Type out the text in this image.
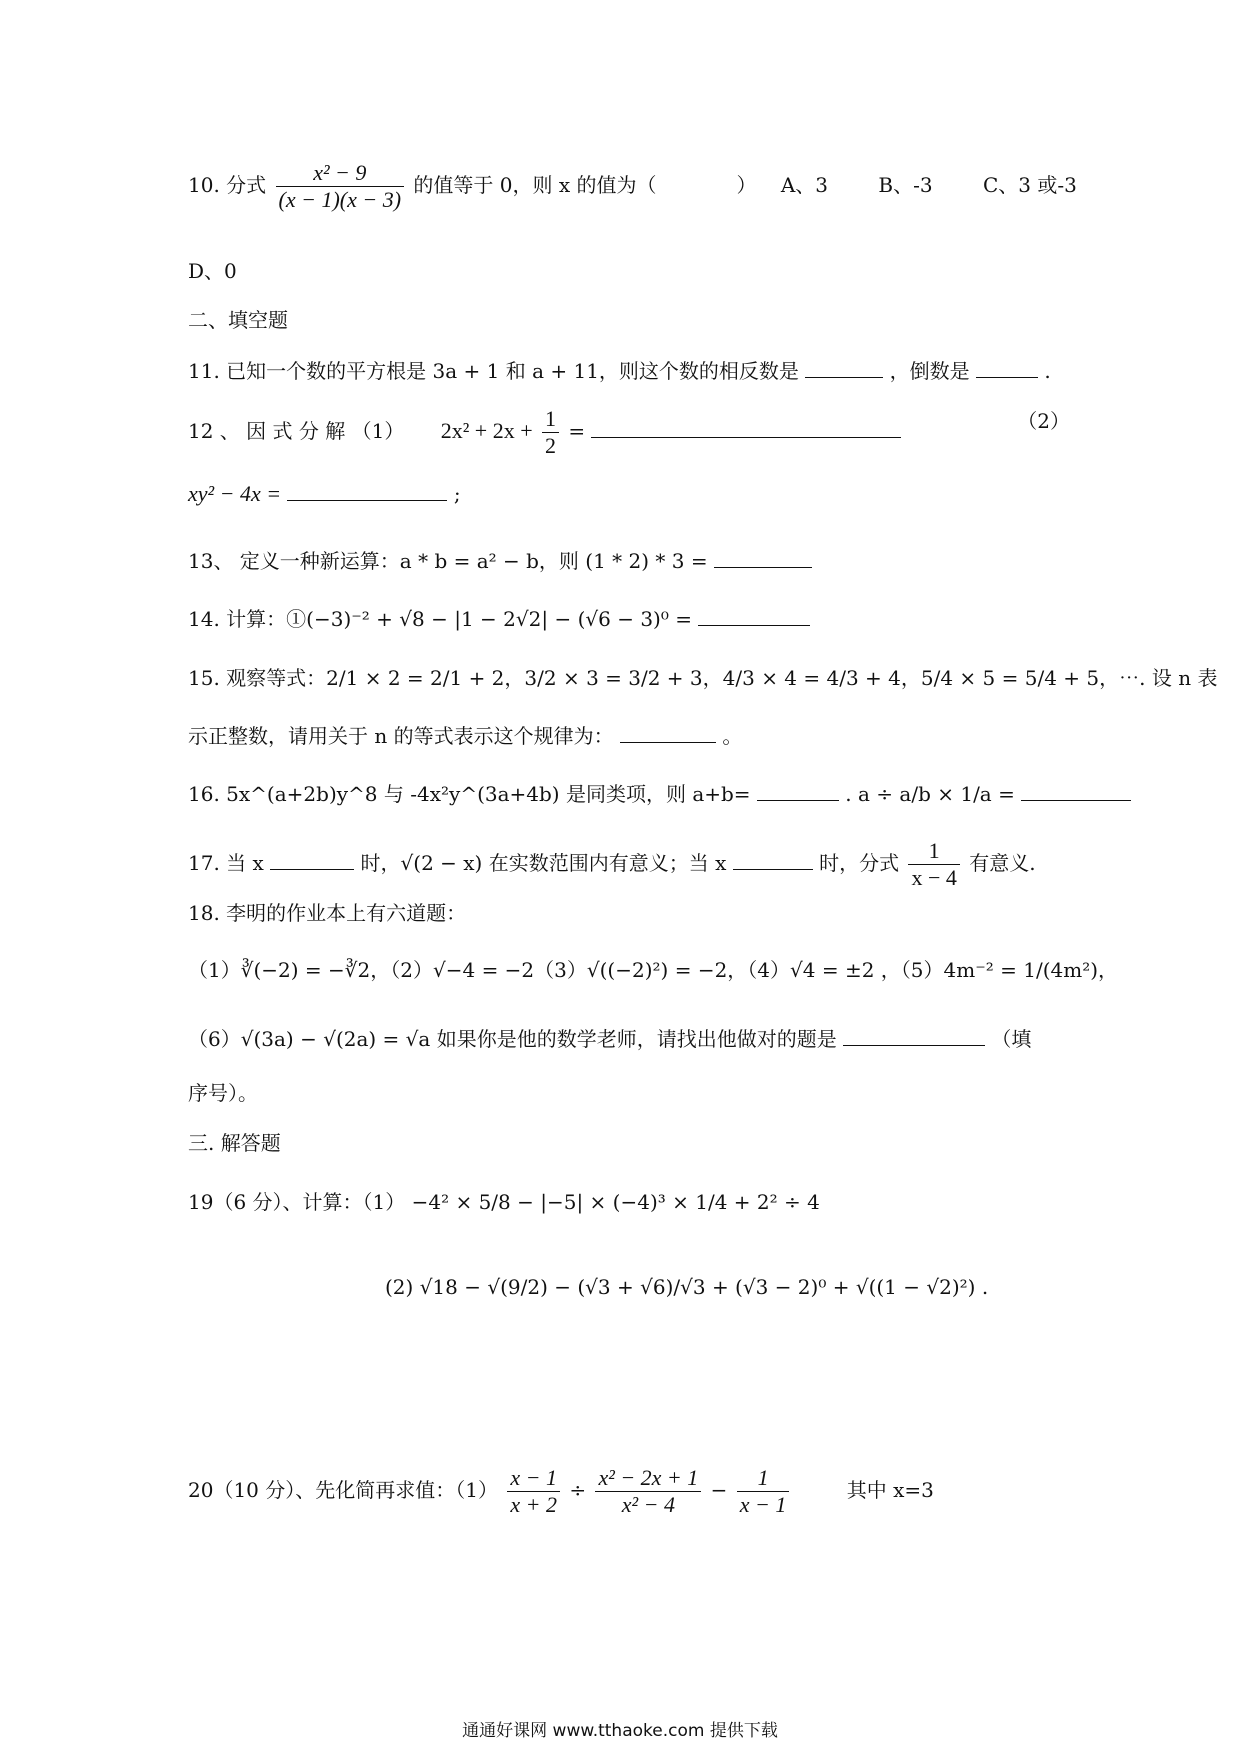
10. 分式 $\frac{\text{x² − 9}}{(x - 1)(x - 3)}$ 的值等于 0，则 x 的值为（　　　　） A、3	B、-3	C、3 或-3
D、0
二、填空题
11. 已知一个数的平方根是 3a + 1 和 a + 11，则这个数的相反数是	，倒数是	.
12 、 因 式 分 解 （1） $2x^2 + 2x + \frac{1}{2}$ =	（2）
xy² − 4x =	;
13、 定义一种新运算：a * b = a² − b，则 (1 * 2) * 3 =
14. 计算：①(−3)⁻² + √8 − |1 − 2√2| − (√6 − 3)⁰ =
15. 观察等式：2/1 × 2 = 2/1 + 2，3/2 × 3 = 3/2 + 3，4/3 × 4 = 4/3 + 4，5/4 × 5 = 5/4 + 5，⋯. 设 n 表
示正整数，请用关于 n 的等式表示这个规律为：	。
16. 5x^(a+2b)y^8 与 -4x²y^(3a+4b) 是同类项，则 a+b=	. a ÷ a/b × 1/a =
17. 当 x	时，√(2 − x) 在实数范围内有意义；当 x	时，分式 $\frac{1}{x - 4}$ 有意义.
18. 李明的作业本上有六道题：
（1）∛(−2) = −∛2，（2）√−4 = −2（3）√((−2)²) = −2，（4）√4 = ±2 ，（5）4m⁻² = 1/(4m²)，
（6）√(3a) − √(2a) = √a 如果你是他的数学老师，请找出他做对的题是	（填
序号）。
三. 解答题
19（6 分）、计算：（1） −4² × 5/8 − |−5| × (−4)³ × 1/4 + 2² ÷ 4
(2) √18 − √(9/2) − (√3 + √6)/√3 + (√3 − 2)⁰ + √((1 − √2)²) .
20（10 分）、先化简再求值：$(1) \frac{x - 1}{x + 2} \div \frac{\text{x² − 2x + 1}}{\text{x² − 4}} - \frac{1}{x - 1}$	其中 x=3
通通好课网 www.tthaoke.com 提供下载
